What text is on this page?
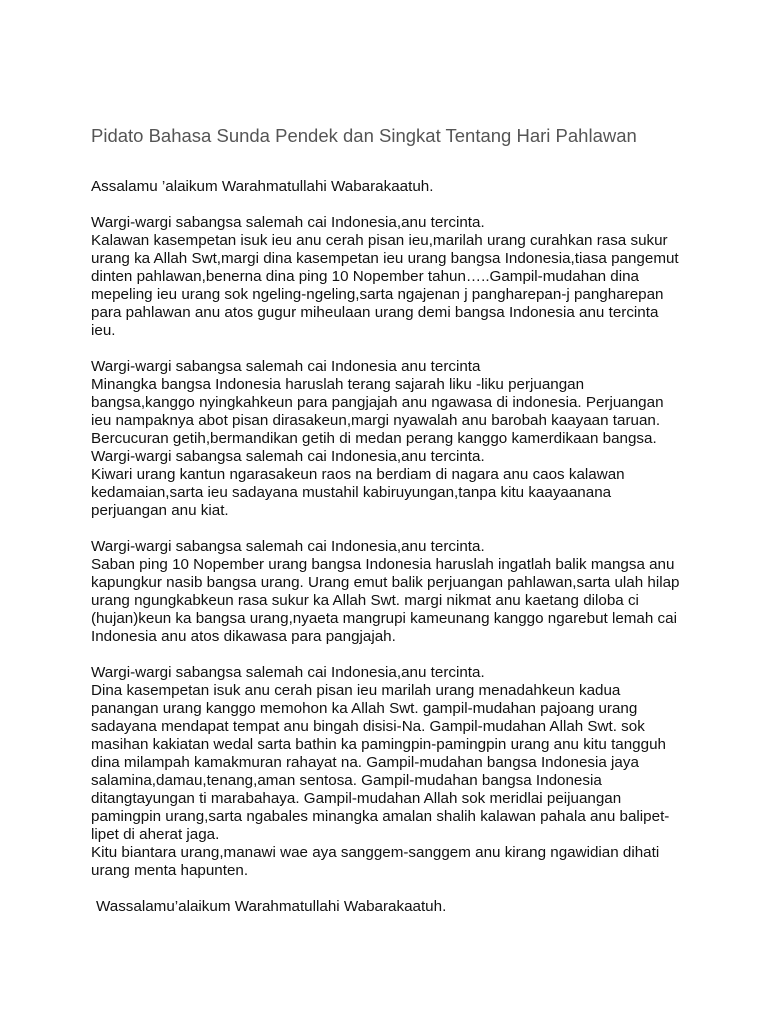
Pidato Bahasa Sunda Pendek dan Singkat Tentang Hari Pahlawan
Assalamu ’alaikum Warahmatullahi Wabarakaatuh.
Wargi-wargi sabangsa salemah cai Indonesia,anu tercinta.
Kalawan kasempetan isuk ieu anu cerah pisan ieu,marilah urang curahkan rasa sukur
urang ka Allah Swt,margi dina kasempetan ieu urang bangsa Indonesia,tiasa pangemut
dinten pahlawan,benerna dina ping 10 Nopember tahun…..Gampil-mudahan dina
mepeling ieu urang sok ngeling-ngeling,sarta ngajenan j pangharepan-j pangharepan
para pahlawan anu atos gugur miheulaan urang demi bangsa Indonesia anu tercinta
ieu.
Wargi-wargi sabangsa salemah cai Indonesia anu tercinta
Minangka bangsa Indonesia haruslah terang sajarah liku -liku perjuangan
bangsa,kanggo nyingkahkeun para pangjajah anu ngawasa di indonesia. Perjuangan
ieu nampaknya abot pisan dirasakeun,margi nyawalah anu barobah kaayaan taruan.
Bercucuran getih,bermandikan getih di medan perang kanggo kamerdikaan bangsa.
Wargi-wargi sabangsa salemah cai Indonesia,anu tercinta.
Kiwari urang kantun ngarasakeun raos na berdiam di nagara anu caos kalawan
kedamaian,sarta ieu sadayana mustahil kabiruyungan,tanpa kitu kaayaanana
perjuangan anu kiat.
Wargi-wargi sabangsa salemah cai Indonesia,anu tercinta.
Saban ping 10 Nopember urang bangsa Indonesia haruslah ingatlah balik mangsa anu
kapungkur nasib bangsa urang. Urang emut balik perjuangan pahlawan,sarta ulah hilap
urang ngungkabkeun rasa sukur ka Allah Swt. margi nikmat anu kaetang diloba ci
(hujan)keun ka bangsa urang,nyaeta mangrupi kameunang kanggo ngarebut lemah cai
Indonesia anu atos dikawasa para pangjajah.
Wargi-wargi sabangsa salemah cai Indonesia,anu tercinta.
Dina kasempetan isuk anu cerah pisan ieu marilah urang menadahkeun kadua
panangan urang kanggo memohon ka Allah Swt. gampil-mudahan pajoang urang
sadayana mendapat tempat anu bingah disisi-Na. Gampil-mudahan Allah Swt. sok
masihan kakiatan wedal sarta bathin ka pamingpin-pamingpin urang anu kitu tangguh
dina milampah kamakmuran rahayat na. Gampil-mudahan bangsa Indonesia jaya
salamina,damau,tenang,aman sentosa. Gampil-mudahan bangsa Indonesia
ditangtayungan ti marabahaya. Gampil-mudahan Allah sok meridlai peijuangan
pamingpin urang,sarta ngabales minangka amalan shalih kalawan pahala anu balipet-
lipet di aherat jaga.
Kitu biantara urang,manawi wae aya sanggem-sanggem anu kirang ngawidian dihati
urang menta hapunten.
Wassalamu’alaikum Warahmatullahi Wabarakaatuh.
